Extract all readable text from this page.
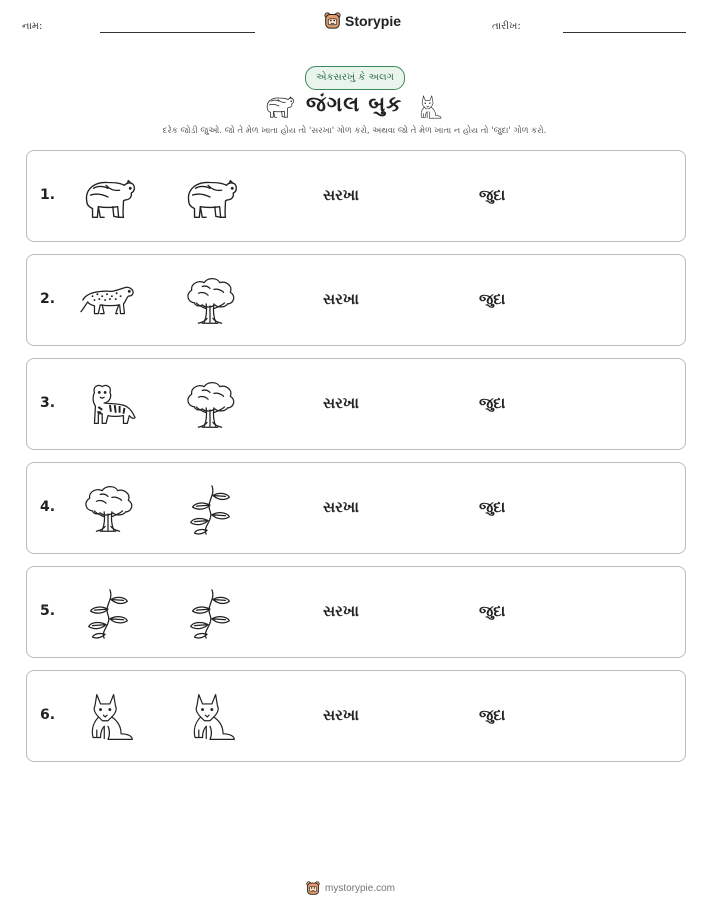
નામ:	Storypie	તારીખ:
એકસરખું કે અલગ
જંગલ બુક
દરેક જોડી જુઓ. જો તે મેળ ખાતા હોય તો 'સરખા' ગોળ કરો, અથવા જો તે મેળ ખાતા ન હોય તો 'જુદા' ગોળ કરો.
1.	સરખા	જુદા
2.	સરખા	જુદા
3.	સરખા	જુદા
4.	સરખા	જુદા
5.	સરખા	જુદા
6.	સરખા	જુદા
mystorypie.com
